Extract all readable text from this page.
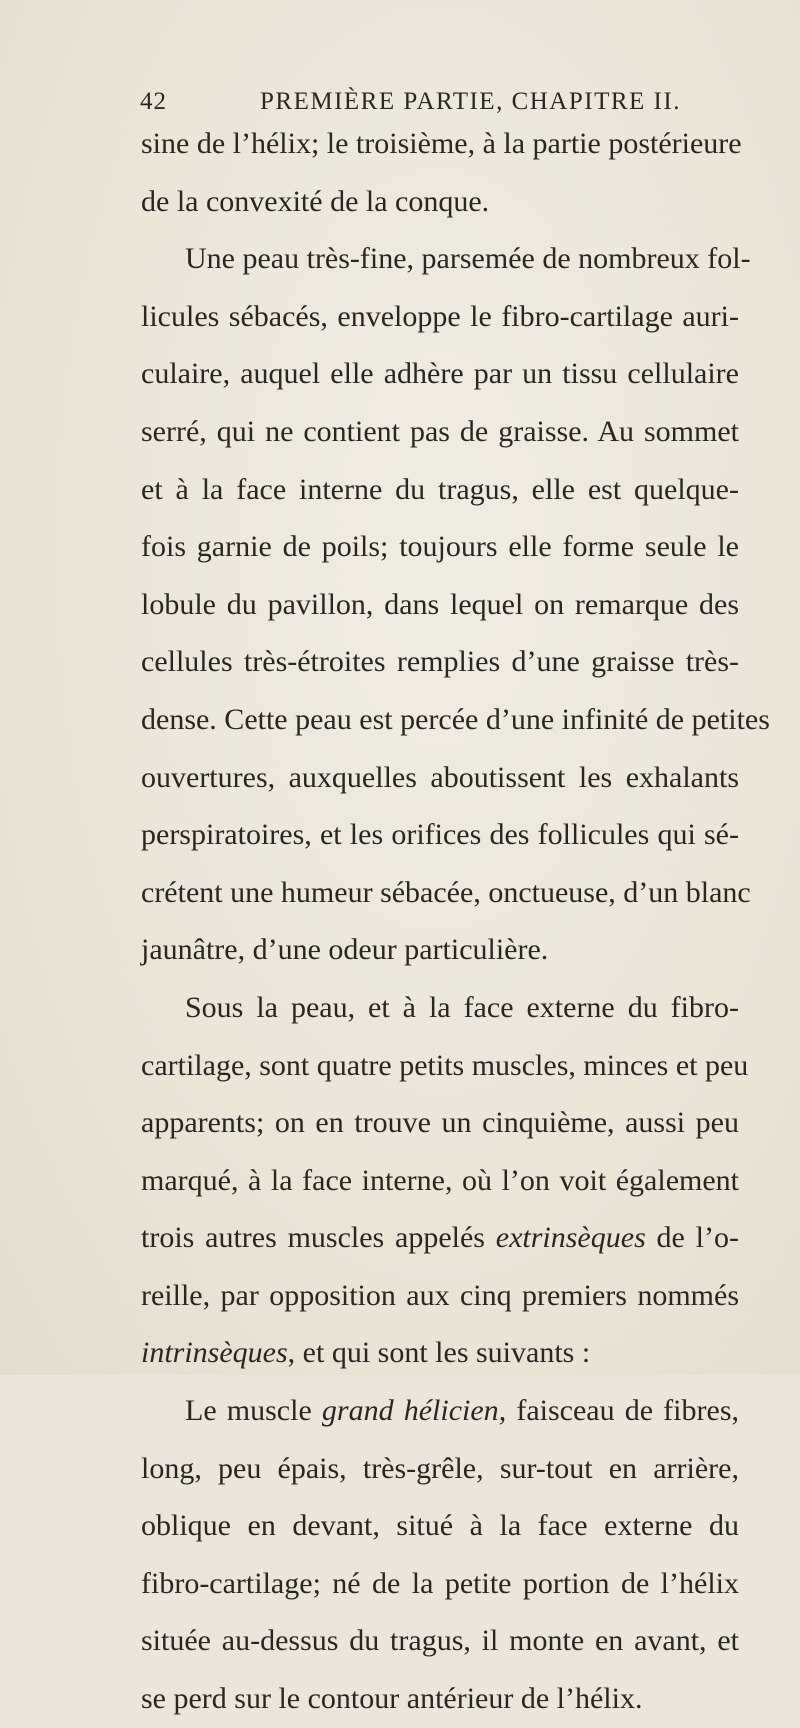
42	PREMIÈRE PARTIE, CHAPITRE II.
sine de l’hélix; le troisième, à la partie postérieure
de la convexité de la conque.
Une peau très-fine, parsemée de nombreux fol-
licules sébacés, enveloppe le fibro-cartilage auri-
culaire, auquel elle adhère par un tissu cellulaire
serré, qui ne contient pas de graisse. Au sommet
et à la face interne du tragus, elle est quelque-
fois garnie de poils; toujours elle forme seule le
lobule du pavillon, dans lequel on remarque des
cellules très-étroites remplies d’une graisse très-
dense. Cette peau est percée d’une infinité de petites
ouvertures, auxquelles aboutissent les exhalants
perspiratoires, et les orifices des follicules qui sé-
crétent une humeur sébacée, onctueuse, d’un blanc
jaunâtre, d’une odeur particulière.
Sous la peau, et à la face externe du fibro-
cartilage, sont quatre petits muscles, minces et peu
apparents; on en trouve un cinquième, aussi peu
marqué, à la face interne, où l’on voit également
trois autres muscles appelés extrinsèques de l’o-
reille, par opposition aux cinq premiers nommés
intrinsèques, et qui sont les suivants :
Le muscle grand hélicien, faisceau de fibres,
long, peu épais, très-grêle, sur-tout en arrière,
oblique en devant, situé à la face externe du
fibro-cartilage; né de la petite portion de l’hélix
située au-dessus du tragus, il monte en avant, et
se perd sur le contour antérieur de l’hélix.
